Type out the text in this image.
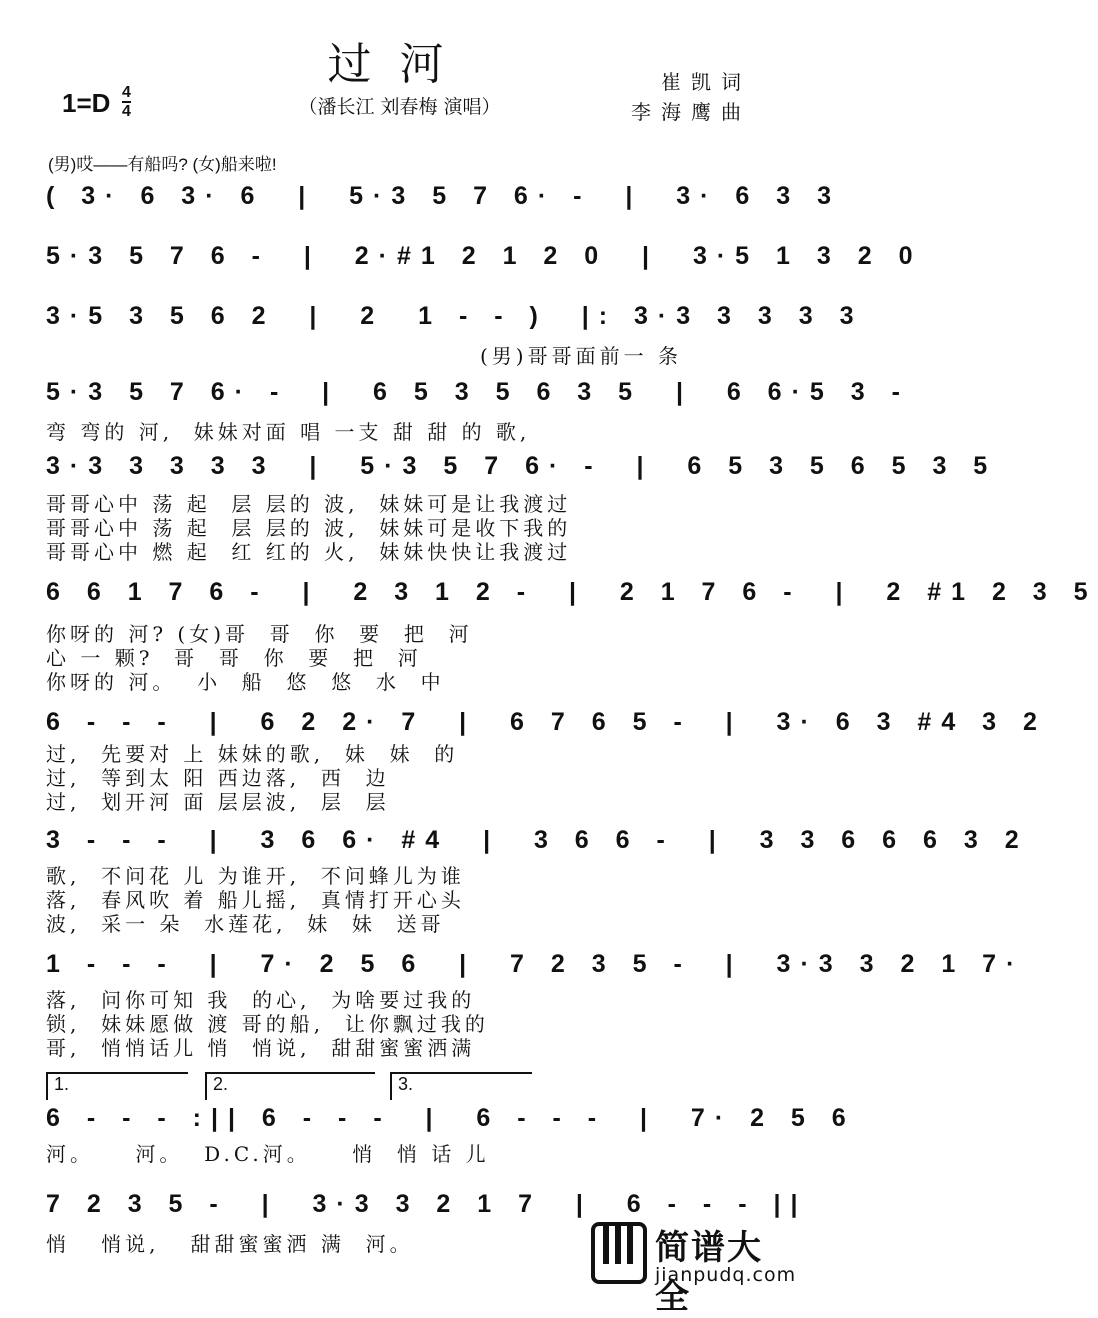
过河
1=D 4
4	（潘长江 刘春梅 演唱）
崔凯词
李海鹰曲
(男)哎——有船吗? (女)船来啦!
( 3· 6 3· 6  |  5·3 5 7 6· -  |  3· 6 3 3
5·3 5 7 6 -  |  2·#1 2 1 2 0  |  3·5 1 3 2 0
3·5 3 5 6 2  |  2  1 - - )  |: 3·3 3 3 3 3
(男)哥哥面前一 条
5·3 5 7 6· -  |  6 5 3 5 6 3 5  |  6 6·5 3 -
弯 弯的 河,  妹妹对面 唱 一支 甜 甜 的 歌,
3·3 3 3 3 3  |  5·3 5 7 6· -  |  6 5 3 5 6 5 3 5
哥哥心中 荡 起  层 层的 波,  妹妹可是让我渡过
哥哥心中 荡 起  层 层的 波,  妹妹可是收下我的
哥哥心中 燃 起  红 红的 火,  妹妹快快让我渡过
6 6 1 7 6 -  |  2 3 1 2 -  |  2 1 7 6 -  |  2 #1 2 3 5
你呀的 河? (女)哥  哥  你  要  把  河
心 一 颗?  哥  哥  你  要  把  河
你呀的 河。  小  船  悠  悠  水  中
6 - - -  |  6 2 2· 7  |  6 7 6 5 -  |  3· 6 3 #4 3 2
过,  先要对 上 妹妹的歌,  妹  妹  的
过,  等到太 阳 西边落,  西  边
过,  划开河 面 层层波,  层  层
3 - - -  |  3 6 6· #4  |  3 6 6 -  |  3 3 6 6 6 3 2
歌,  不问花 儿 为谁开,  不问蜂儿为谁
落,  春风吹 着 船儿摇,  真情打开心头
波,  采一 朵  水莲花,  妹  妹  送哥
1 - - -  |  7· 2 5 6  |  7 2 3 5 -  |  3·3 3 2 1 7·
落,  问你可知 我  的心,  为啥要过我的
锁,  妹妹愿做 渡 哥的船,  让你飘过我的
哥,  悄悄话儿 悄  悄说,  甜甜蜜蜜洒满
1.	2.	3.
6 - - - :|| 6 - - -  |  6 - - -  |  7· 2 5 6
河。    河。  D.C.河。    悄  悄 话 儿
7 2 3 5 -  |  3·3 3 2 1 7  |  6 - - - ||
悄   悄说,   甜甜蜜蜜洒 满  河。	简谱大全
jianpudq.com
